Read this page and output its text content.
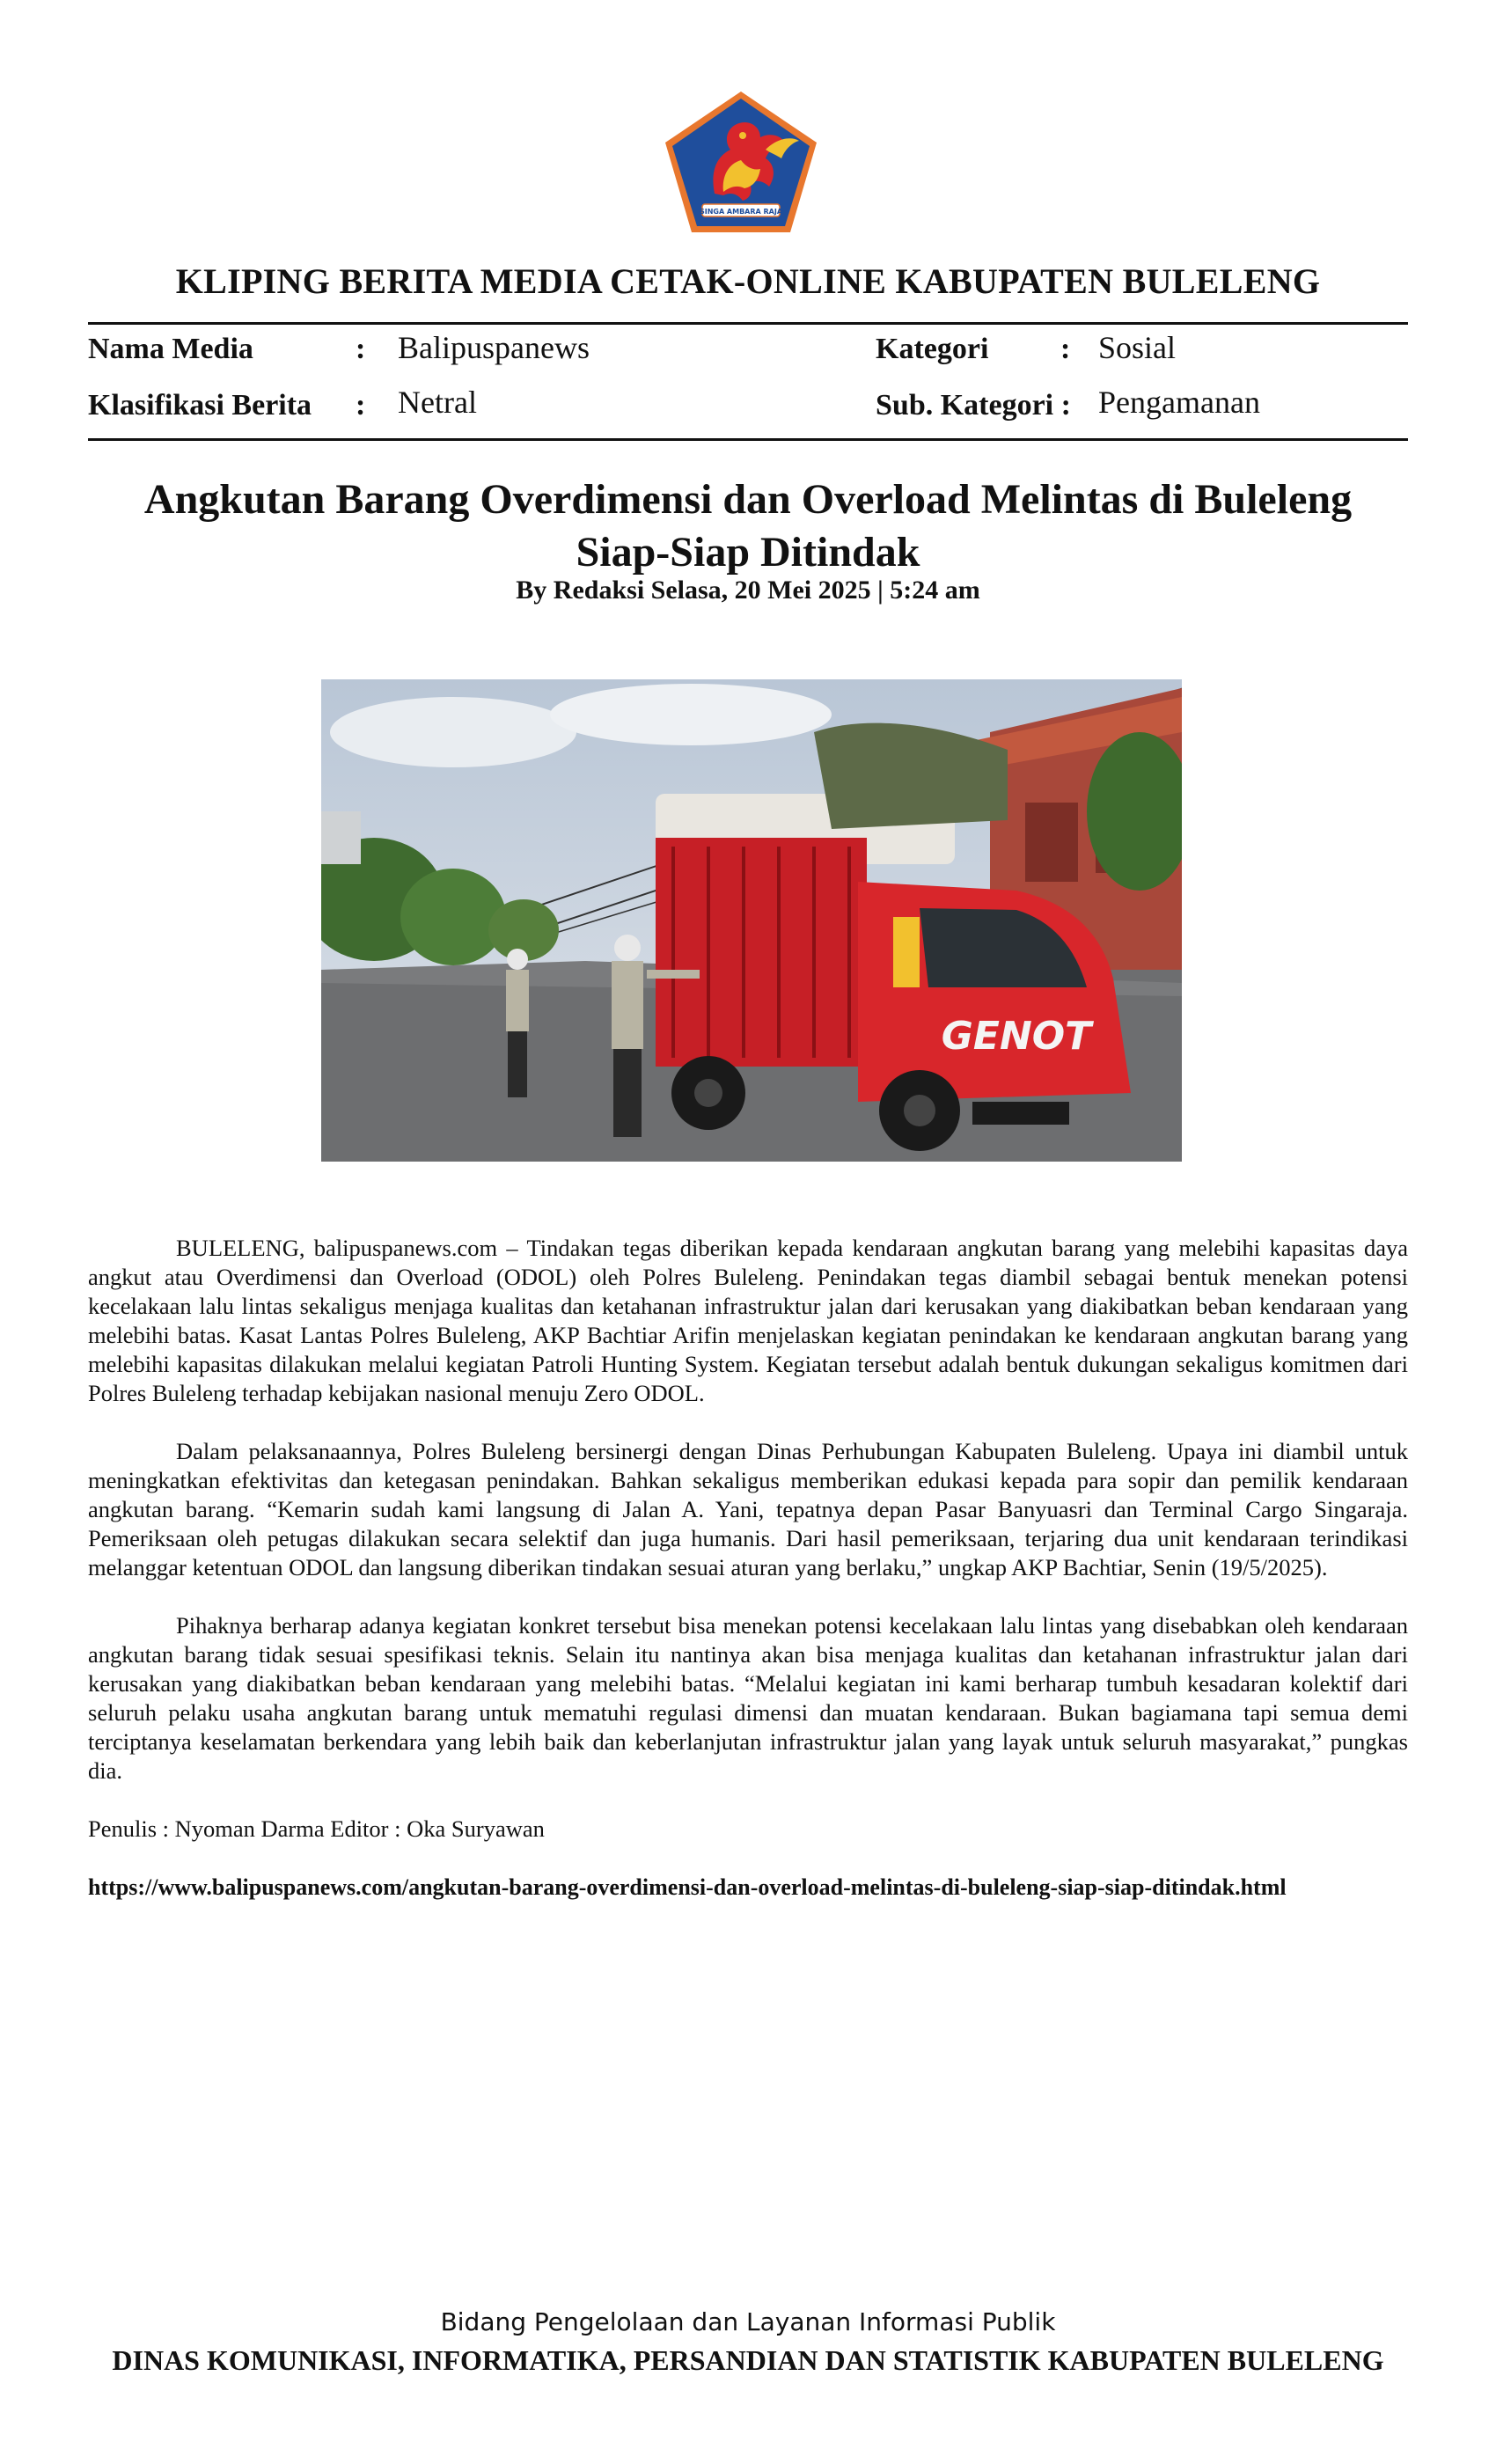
SINGA AMBARA RAJA
KLIPING BERITA MEDIA CETAK-ONLINE KABUPATEN BULELENG
Nama Media	: Balipuspanews	Kategori : Sosial
Klasifikasi Berita : Netral	Sub. Kategori : Pengamanan
Angkutan Barang Overdimensi dan Overload Melintas di Buleleng
Siap-Siap Ditindak
By Redaksi Selasa, 20 Mei 2025 | 5:24 am
GENOT

BULELENG, balipuspanews.com – Tindakan tegas diberikan kepada kendaraan angkutan barang yang melebihi kapasitas daya angkut atau Overdimensi dan Overload (ODOL) oleh Polres Buleleng. Penindakan tegas diambil sebagai bentuk menekan potensi kecelakaan lalu lintas sekaligus menjaga kualitas dan ketahanan infrastruktur jalan dari kerusakan yang diakibatkan beban kendaraan yang melebihi batas. Kasat Lantas Polres Buleleng, AKP Bachtiar Arifin menjelaskan kegiatan penindakan ke kendaraan angkutan barang yang melebihi kapasitas dilakukan melalui kegiatan Patroli Hunting System. Kegiatan tersebut adalah bentuk dukungan sekaligus komitmen dari Polres Buleleng terhadap kebijakan nasional menuju Zero ODOL.

Dalam pelaksanaannya, Polres Buleleng bersinergi dengan Dinas Perhubungan Kabupaten Buleleng. Upaya ini diambil untuk meningkatkan efektivitas dan ketegasan penindakan. Bahkan sekaligus memberikan edukasi kepada para sopir dan pemilik kendaraan angkutan barang. “Kemarin sudah kami langsung di Jalan A. Yani, tepatnya depan Pasar Banyuasri dan Terminal Cargo Singaraja. Pemeriksaan oleh petugas dilakukan secara selektif dan juga humanis. Dari hasil pemeriksaan, terjaring dua unit kendaraan terindikasi melanggar ketentuan ODOL dan langsung diberikan tindakan sesuai aturan yang berlaku,” ungkap AKP Bachtiar, Senin (19/5/2025).

Pihaknya berharap adanya kegiatan konkret tersebut bisa menekan potensi kecelakaan lalu lintas yang disebabkan oleh kendaraan angkutan barang tidak sesuai spesifikasi teknis. Selain itu nantinya akan bisa menjaga kualitas dan ketahanan infrastruktur jalan dari kerusakan yang diakibatkan beban kendaraan yang melebihi batas. “Melalui kegiatan ini kami berharap tumbuh kesadaran kolektif dari seluruh pelaku usaha angkutan barang untuk mematuhi regulasi dimensi dan muatan kendaraan. Bukan bagiamana tapi semua demi terciptanya keselamatan berkendara yang lebih baik dan keberlanjutan infrastruktur jalan yang layak untuk seluruh masyarakat,” pungkas dia.

Penulis : Nyoman Darma Editor : Oka Suryawan

https://www.balipuspanews.com/angkutan-barang-overdimensi-dan-overload-melintas-di-buleleng-siap-siap-ditindak.html

Bidang Pengelolaan dan Layanan Informasi Publik
DINAS KOMUNIKASI, INFORMATIKA, PERSANDIAN DAN STATISTIK KABUPATEN BULELENG
